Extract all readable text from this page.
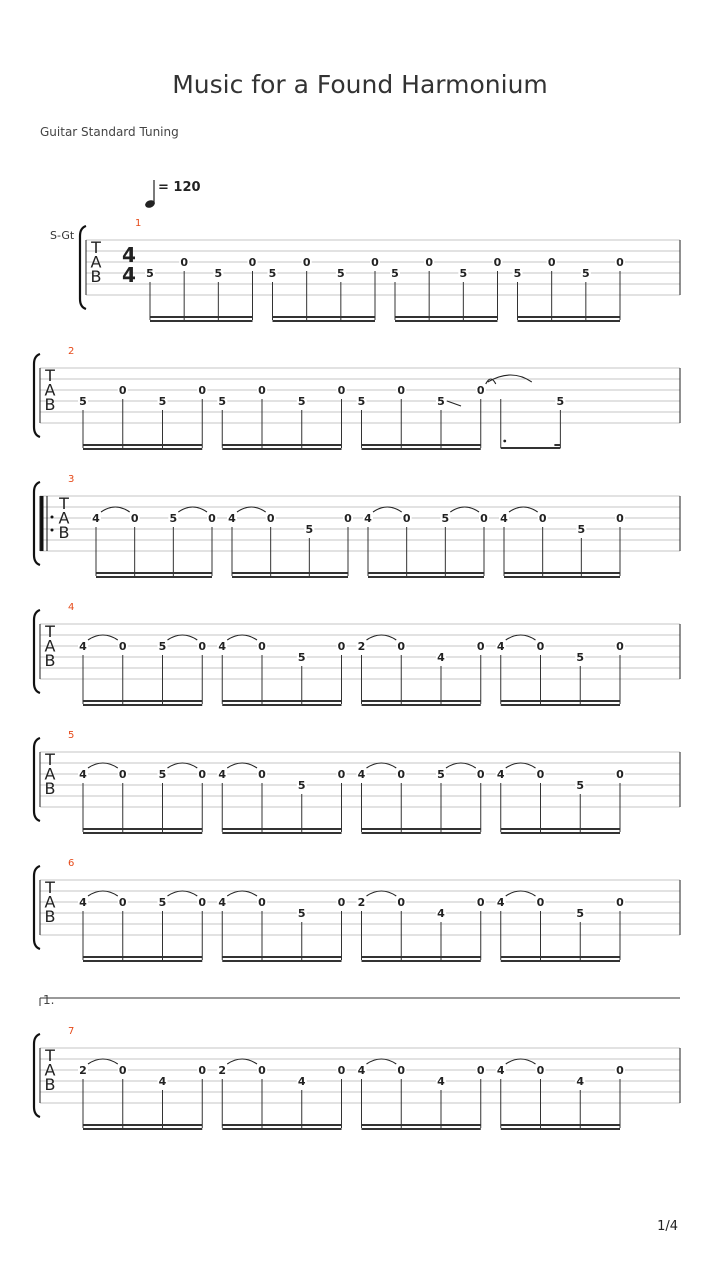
Music for a Found Harmonium
Guitar Standard Tuning
= 120
S-Gt
T
A
B
4
4
1
5
0
5
0
5
0
5
0
5
0
5
0
5
0
5
0
T
A
B
2
5
0
5
0
5
0
5
0
5
0
5
0
5
T
A
B
3
4	0	5	0 4	0
5
0 4	0	5	0 4	0
5
0
T
A
B
4
4	0	5	0 4	0
5
0 2	0
4
0 4	0
5
0
T
A
B
5
4	0	5	0 4	0
5
0 4	0	5	0 4	0
5
0
T
A
B
6
4	0	5	0 4	0
5
0 2	0
4
0 4	0
5
0
T
A
B
7
1.
2	0
4
0 2	0
4
0 4	0
4
0 4	0
4
0
1/4
